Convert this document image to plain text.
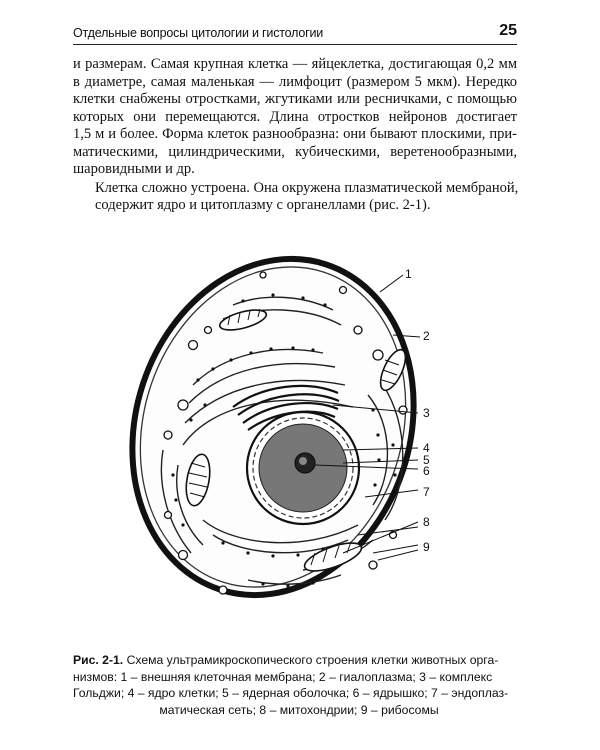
Отдельные вопросы цитологии и гистологии	25

и размерам. Самая крупная клетка — яйцеклетка, достигающая 0,2 мм
в диаметре, самая маленькая — лимфоцит (размером 5 мкм). Нередко
клетки снабжены отростками, жгутиками или ресничками, с помощью
которых они перемещаются. Длина отростков нейронов достигает
1,5 м и более. Форма клеток разнообразна: они бывают плоскими, при-
матическими, цилиндрическими, кубическими, веретенообразными,
шаровидными и др.

Клетка сложно устроена. Она окружена плазматической мембраной,
содержит ядро и цитоплазму с органеллами (рис. 2-1).

1
2
3
4
5
6
7
8
9
Рис. 2-1. Схема ультрамикроскопического строения клетки животных орга-
низмов: 1 – внешняя клеточная мембрана; 2 – гиалоплазма; 3 – комплекс
Гольджи; 4 – ядро клетки; 5 – ядерная оболочка; 6 – ядрышко; 7 – эндоплаз-
матическая сеть; 8 – митохондрии; 9 – рибосомы
